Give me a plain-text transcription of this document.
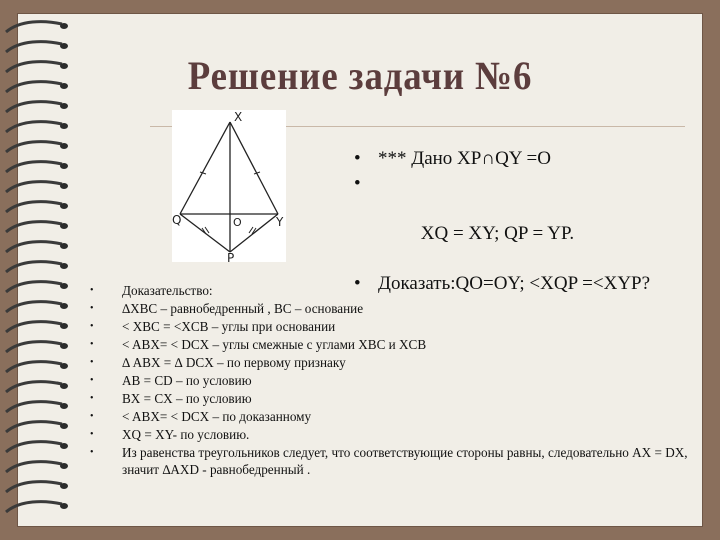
Решение задачи №6
X
Q	O	Y
P
• *** Дано XP∩QY =O

•

XQ = XY; QP = YP.

• Доказать:QO=OY; <XQP =<XYP?
• Доказательство:
• ∆XBC – равнобедренный , BC – основание
• < XBC = <XCB – углы при основании
• < ABX= < DCX – углы смежные с углами XBC и XCB
• ∆ ABX = ∆ DCX – по первому признаку
• AB = CD – по условию
• BX = CX – по условию
• < ABX= < DCX – по доказанному
• XQ = XY- по условию.
• Из равенства треугольников следует, что соответствующие стороны равны, следовательно AX = DX, значит ∆AXD - равнобедренный .
